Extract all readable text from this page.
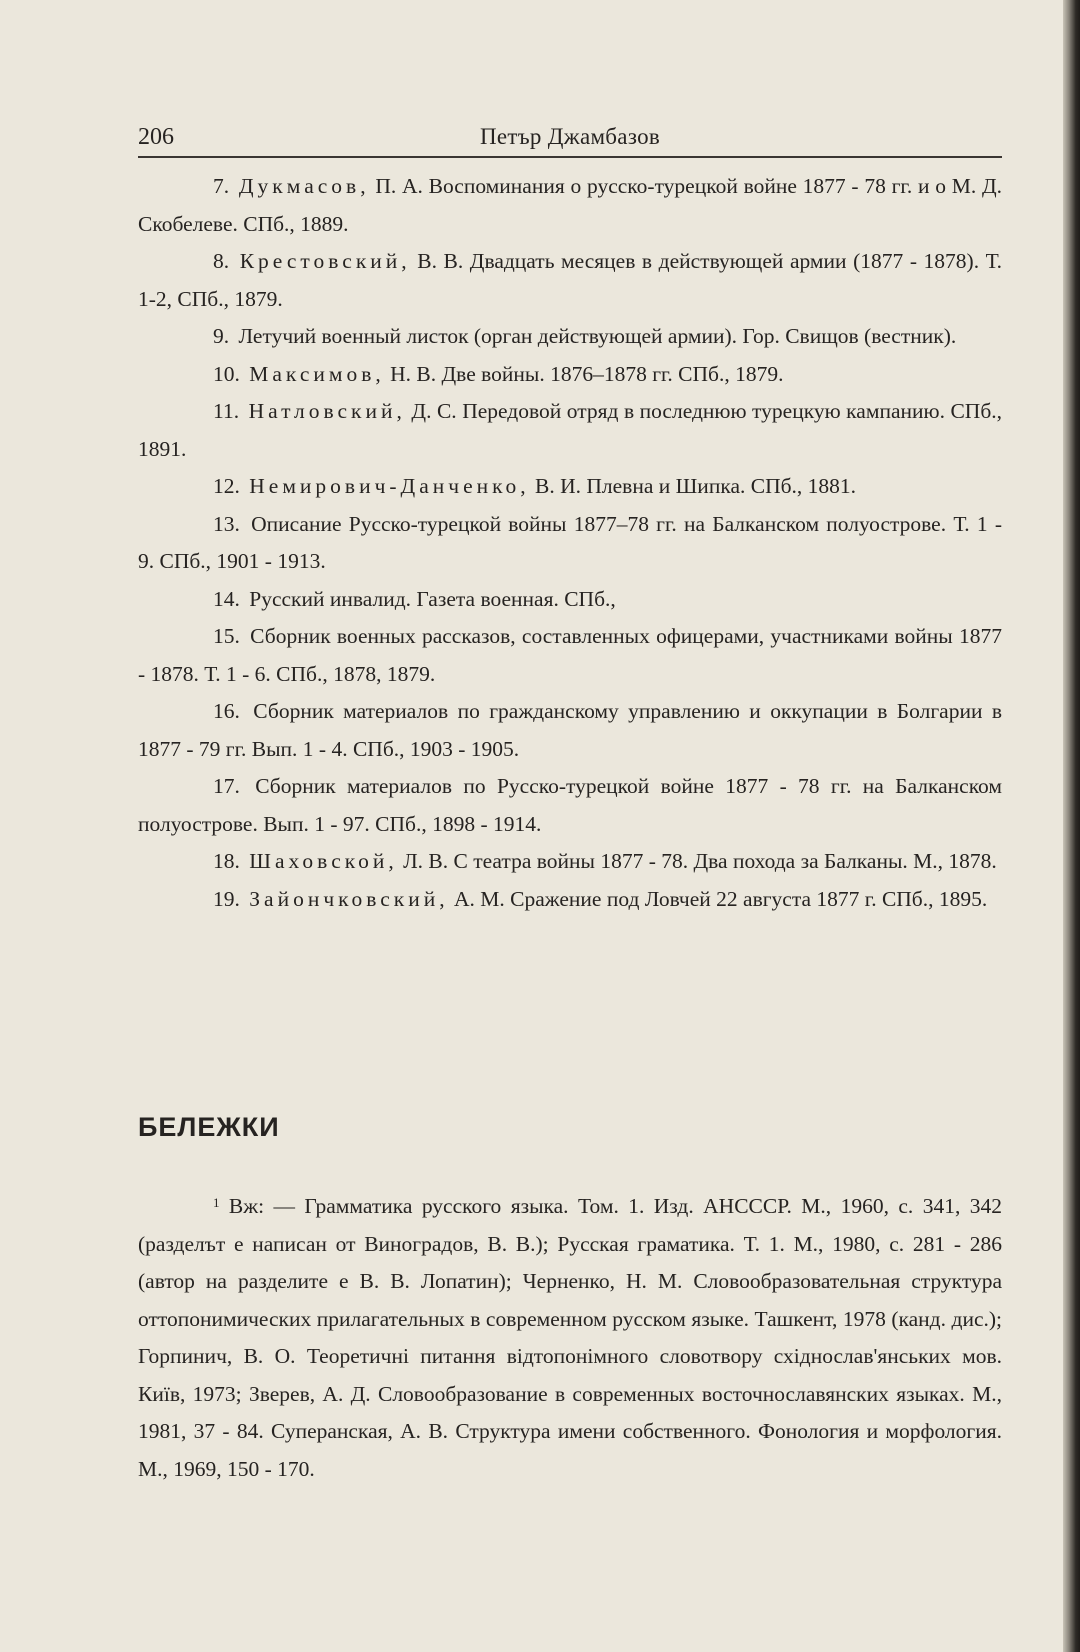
206	Петър Джамбазов
7. Дукмасов, П. А. Воспоминания о русско-турецкой войне 1877 - 78 гг. и о М. Д. Скобелеве. СПб., 1889.
8. Крестовский, В. В. Двадцать месяцев в действующей армии (1877 - 1878). Т. 1-2, СПб., 1879.
9. Летучий военный листок (орган действующей армии). Гор. Свищов (вестник).
10. Максимов, Н. В. Две войны. 1876–1878 гг. СПб., 1879.
11. Натловский, Д. С. Передовой отряд в последнюю турецкую кампанию. СПб., 1891.
12. Немирович-Данченко, В. И. Плевна и Шипка. СПб., 1881.
13. Описание Русско-турецкой войны 1877–78 гг. на Балканском полуострове. Т. 1 - 9. СПб., 1901 - 1913.
14. Русский инвалид. Газета военная. СПб.,
15. Сборник военных рассказов, составленных офицерами, участниками войны 1877 - 1878. Т. 1 - 6. СПб., 1878, 1879.
16. Сборник материалов по гражданскому управлению и оккупации в Болгарии в 1877 - 79 гг. Вып. 1 - 4. СПб., 1903 - 1905.
17. Сборник материалов по Русско-турецкой войне 1877 - 78 гг. на Балканском полуострове. Вып. 1 - 97. СПб., 1898 - 1914.
18. Шаховской, Л. В. С театра войны 1877 - 78. Два похода за Балканы. М., 1878.
19. Зайончковский, А. М. Сражение под Ловчей 22 августа 1877 г. СПб., 1895.
БЕЛЕЖКИ

$^1$ Вж: — Грамматика русского языка. Том. 1. Изд. АНСССР. М., 1960, с. 341, 342 (разделът е написан от Виноградов, В. В.); Русская граматика. Т. 1. М., 1980, с. 281 - 286 (автор на разделите е В. В. Лопатин); Черненко, Н. М. Словообразовательная структура оттопонимических прилагательных в современном русском языке. Ташкент, 1978 (канд. дис.); Горпинич, В. О. Теоретичні питання відтопонімного словотвору східнослав'янських мов. Київ, 1973; Зверев, А. Д. Словообразование в современных восточнославянских языках. М., 1981, 37 - 84. Суперанская, А. В. Структура имени собственного. Фонология и морфология. М., 1969, 150 - 170.
